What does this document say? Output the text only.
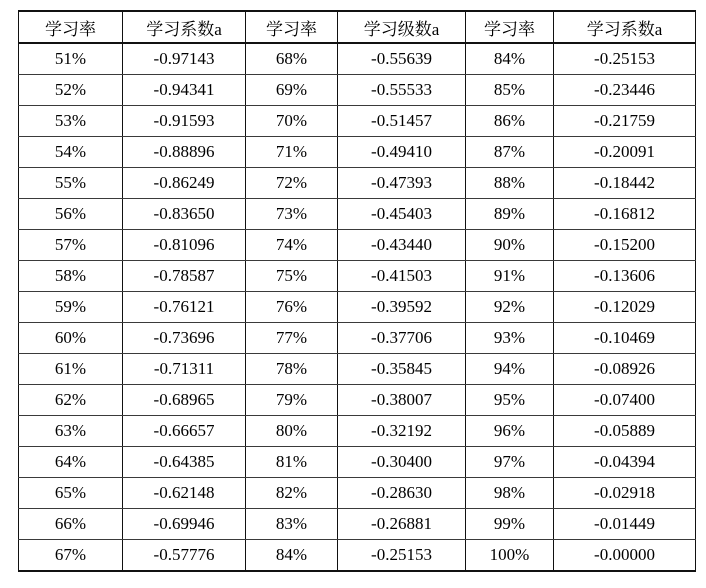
学习率	学习系数a	学习率	学习级数a	学习率	学习系数a
51%	-0.97143	68%	-0.55639	84%	-0.25153
52%	-0.94341	69%	-0.55533	85%	-0.23446
53%	-0.91593	70%	-0.51457	86%	-0.21759
54%	-0.88896	71%	-0.49410	87%	-0.20091
55%	-0.86249	72%	-0.47393	88%	-0.18442
56%	-0.83650	73%	-0.45403	89%	-0.16812
57%	-0.81096	74%	-0.43440	90%	-0.15200
58%	-0.78587	75%	-0.41503	91%	-0.13606
59%	-0.76121	76%	-0.39592	92%	-0.12029
60%	-0.73696	77%	-0.37706	93%	-0.10469
61%	-0.71311	78%	-0.35845	94%	-0.08926
62%	-0.68965	79%	-0.38007	95%	-0.07400
63%	-0.66657	80%	-0.32192	96%	-0.05889
64%	-0.64385	81%	-0.30400	97%	-0.04394
65%	-0.62148	82%	-0.28630	98%	-0.02918
66%	-0.69946	83%	-0.26881	99%	-0.01449
67%	-0.57776	84%	-0.25153	100%	-0.00000
